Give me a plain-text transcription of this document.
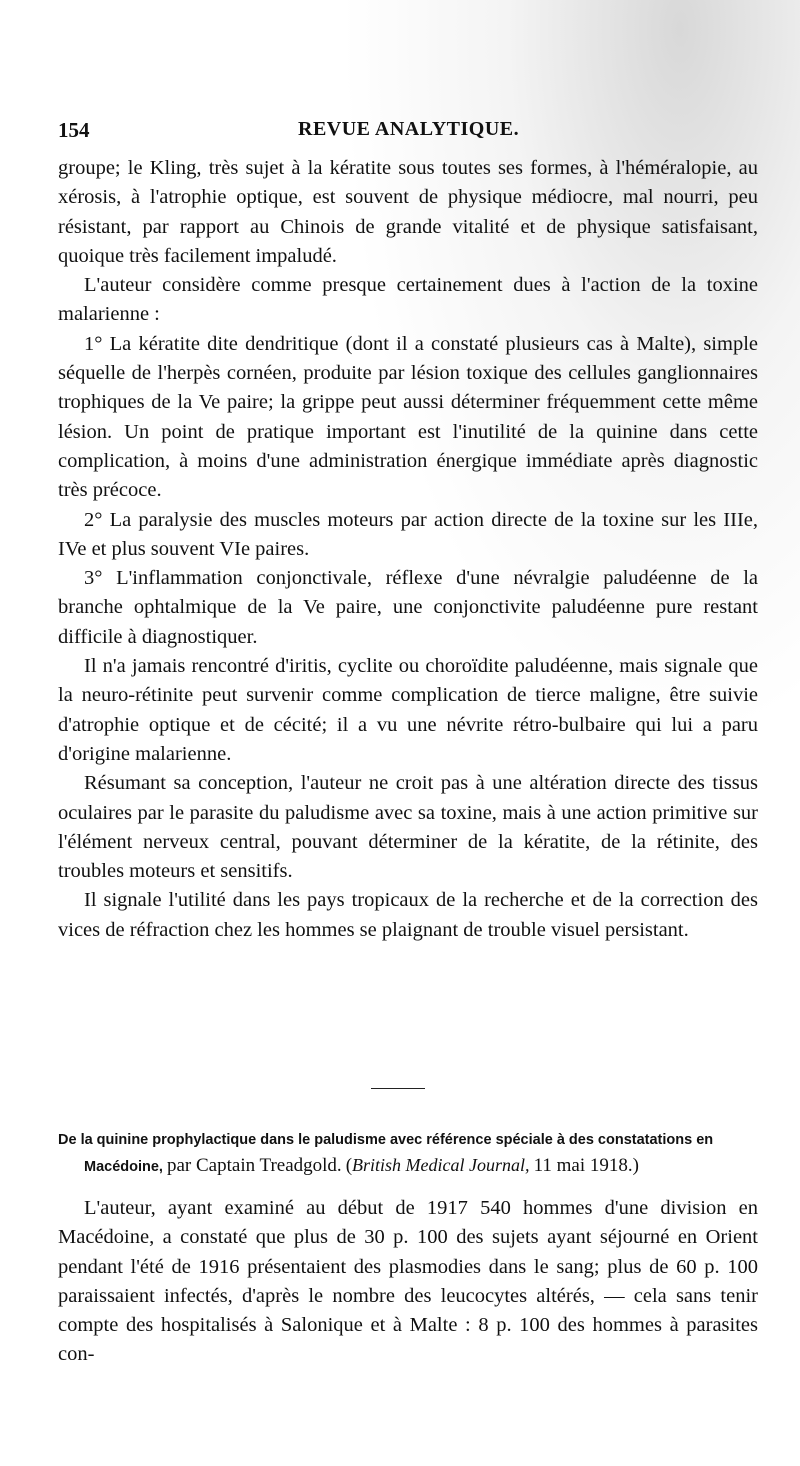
154	REVUE ANALYTIQUE.

groupe; le Kling, très sujet à la kératite sous toutes ses formes, à l'héméralopie, au xérosis, à l'atrophie optique, est souvent de physique médiocre, mal nourri, peu résistant, par rapport au Chinois de grande vitalité et de physique satisfaisant, quoique très facilement impaludé.

L'auteur considère comme presque certainement dues à l'action de la toxine malarienne :

1° La kératite dite dendritique (dont il a constaté plusieurs cas à Malte), simple séquelle de l'herpès cornéen, produite par lésion toxique des cellules ganglionnaires trophiques de la Ve paire; la grippe peut aussi déterminer fréquemment cette même lésion. Un point de pratique important est l'inutilité de la quinine dans cette complication, à moins d'une administration énergique immédiate après diagnostic très précoce.

2° La paralysie des muscles moteurs par action directe de la toxine sur les IIIe, IVe et plus souvent VIe paires.

3° L'inflammation conjonctivale, réflexe d'une névralgie paludéenne de la branche ophtalmique de la Ve paire, une conjonctivite paludéenne pure restant difficile à diagnostiquer.

Il n'a jamais rencontré d'iritis, cyclite ou choroïdite paludéenne, mais signale que la neuro-rétinite peut survenir comme complication de tierce maligne, être suivie d'atrophie optique et de cécité; il a vu une névrite rétro-bulbaire qui lui a paru d'origine malarienne.

Résumant sa conception, l'auteur ne croit pas à une altération directe des tissus oculaires par le parasite du paludisme avec sa toxine, mais à une action primitive sur l'élément nerveux central, pouvant déterminer de la kératite, de la rétinite, des troubles moteurs et sensitifs.

Il signale l'utilité dans les pays tropicaux de la recherche et de la correction des vices de réfraction chez les hommes se plaignant de trouble visuel persistant.

De la quinine prophylactique dans le paludisme avec référence spéciale à des constatations en Macédoine, par Captain Treadgold. (British Medical Journal, 11 mai 1918.)

L'auteur, ayant examiné au début de 1917 540 hommes d'une division en Macédoine, a constaté que plus de 30 p. 100 des sujets ayant séjourné en Orient pendant l'été de 1916 présentaient des plasmodies dans le sang; plus de 60 p. 100 paraissaient infectés, d'après le nombre des leucocytes altérés, — cela sans tenir compte des hospitalisés à Salonique et à Malte : 8 p. 100 des hommes à parasites con-
